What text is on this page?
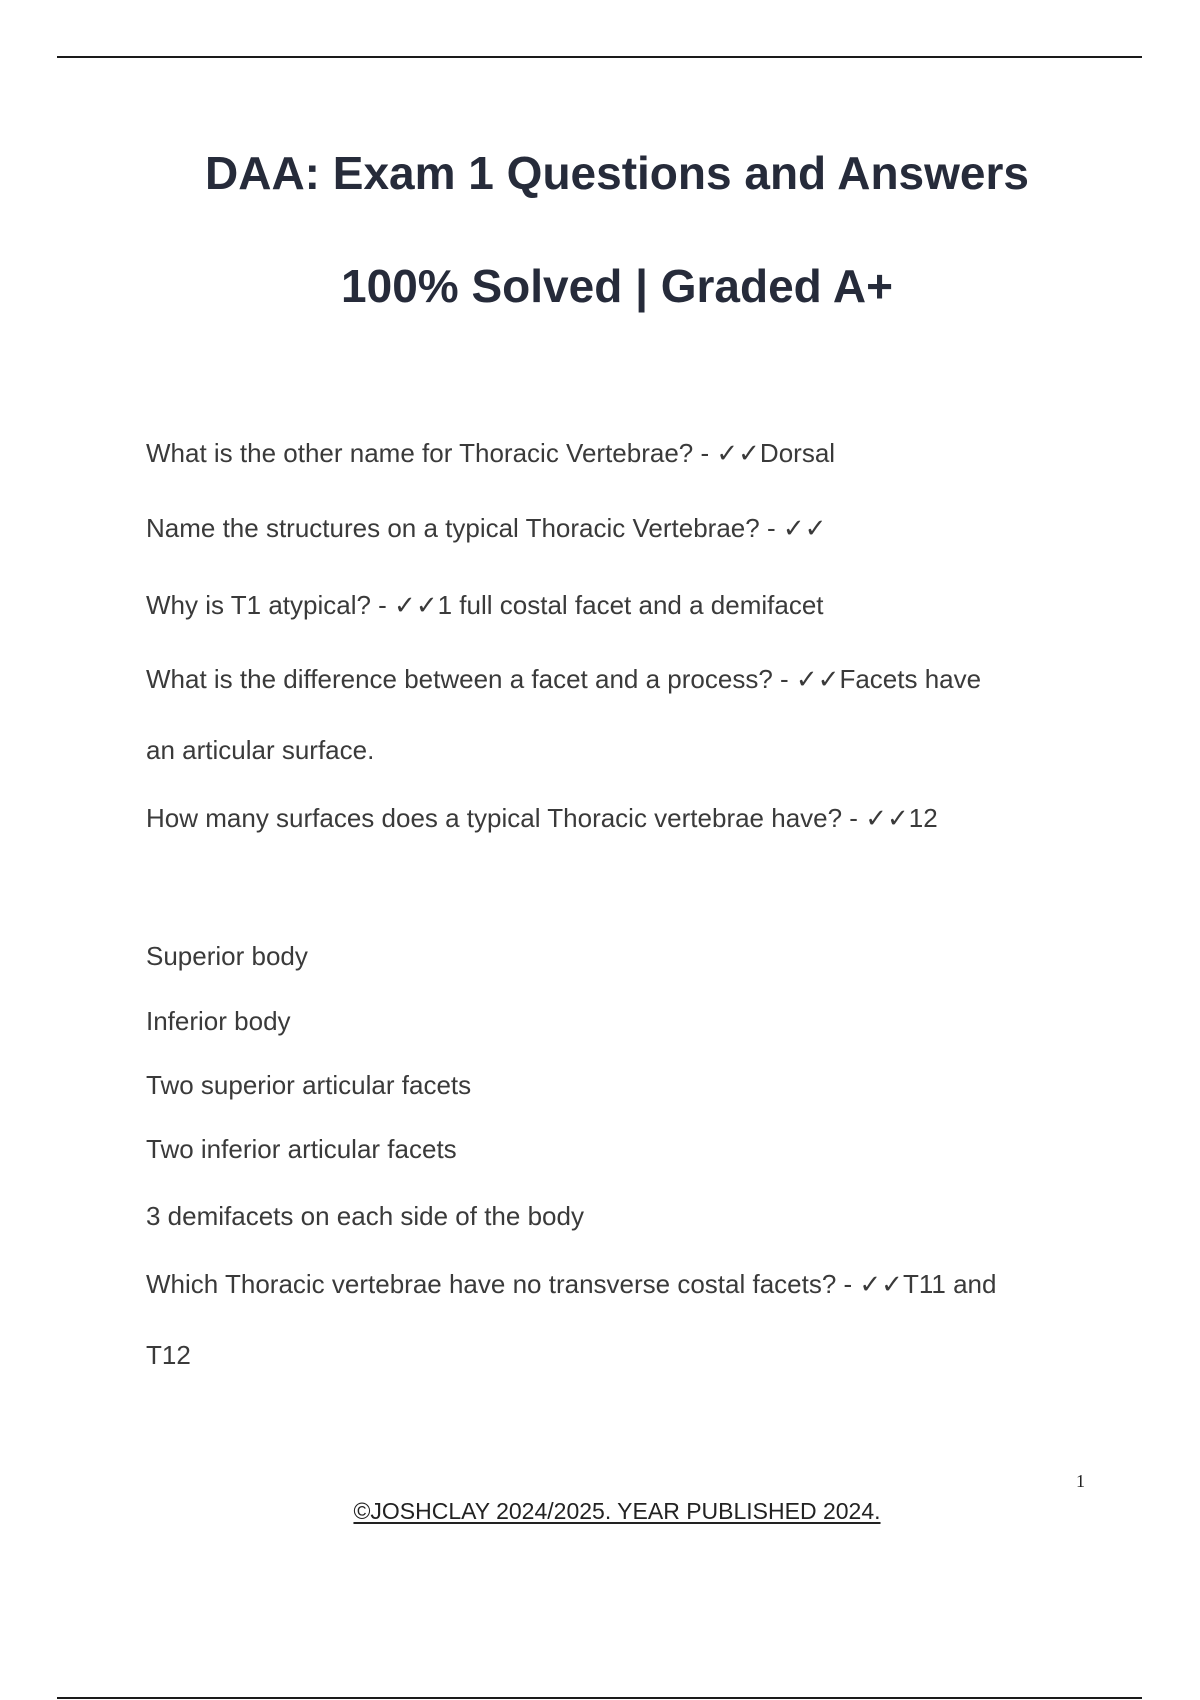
DAA: Exam 1 Questions and Answers
100% Solved | Graded A+

What is the other name for Thoracic Vertebrae? - ✓✓Dorsal

Name the structures on a typical Thoracic Vertebrae? - ✓✓

Why is T1 atypical? - ✓✓1 full costal facet and a demifacet

What is the difference between a facet and a process? - ✓✓Facets have

an articular surface.

How many surfaces does a typical Thoracic vertebrae have? - ✓✓12

Superior body

Inferior body

Two superior articular facets

Two inferior articular facets

3 demifacets on each side of the body

Which Thoracic vertebrae have no transverse costal facets? - ✓✓T11 and

T12

1
©JOSHCLAY 2024/2025. YEAR PUBLISHED 2024.
